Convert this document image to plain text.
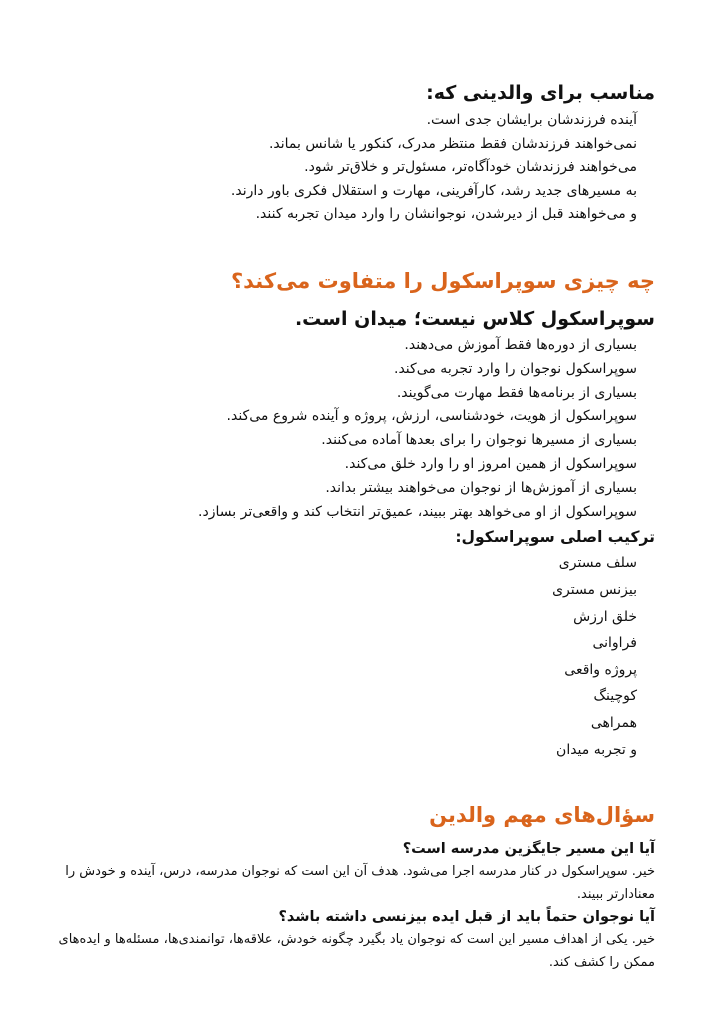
مناسب برای والدینی که:
آینده فرزندشان برایشان جدی است.
نمی‌خواهند فرزندشان فقط منتظر مدرک، کنکور یا شانس بماند.
می‌خواهند فرزندشان خودآگاه‌تر، مسئول‌تر و خلاق‌تر شود.
به مسیرهای جدید رشد، کارآفرینی، مهارت و استقلال فکری باور دارند.
و می‌خواهند قبل از دیرشدن، نوجوانشان را وارد میدان تجربه کنند.
چه چیزی سوپراسکول را متفاوت می‌کند؟
سوپراسکول کلاس نیست؛ میدان است.
بسیاری از دوره‌ها فقط آموزش می‌دهند.
سوپراسکول نوجوان را وارد تجربه می‌کند.
بسیاری از برنامه‌ها فقط مهارت می‌گویند.
سوپراسکول از هویت، خودشناسی، ارزش، پروژه و آینده شروع می‌کند.
بسیاری از مسیرها نوجوان را برای بعدها آماده می‌کنند.
سوپراسکول از همین امروز او را وارد خلق می‌کند.
بسیاری از آموزش‌ها از نوجوان می‌خواهند بیشتر بداند.
سوپراسکول از او می‌خواهد بهتر ببیند، عمیق‌تر انتخاب کند و واقعی‌تر بسازد.
ترکیب اصلی سوپراسکول:
سلف مستری
بیزنس مستری
خلق ارزش
فراوانی
پروژه واقعی
کوچینگ
همراهی
و تجربه میدان
سؤال‌های مهم والدین
آیا این مسیر جایگزین مدرسه است؟

خیر. سوپراسکول در کنار مدرسه اجرا می‌شود. هدف آن این است که نوجوان مدرسه، درس، آینده و خودش را معنادارتر ببیند.

آیا نوجوان حتماً باید از قبل ایده بیزنسی داشته باشد؟

خیر. یکی از اهداف مسیر این است که نوجوان یاد بگیرد چگونه خودش، علاقه‌ها، توانمندی‌ها، مسئله‌ها و ایده‌های ممکن را کشف کند.
